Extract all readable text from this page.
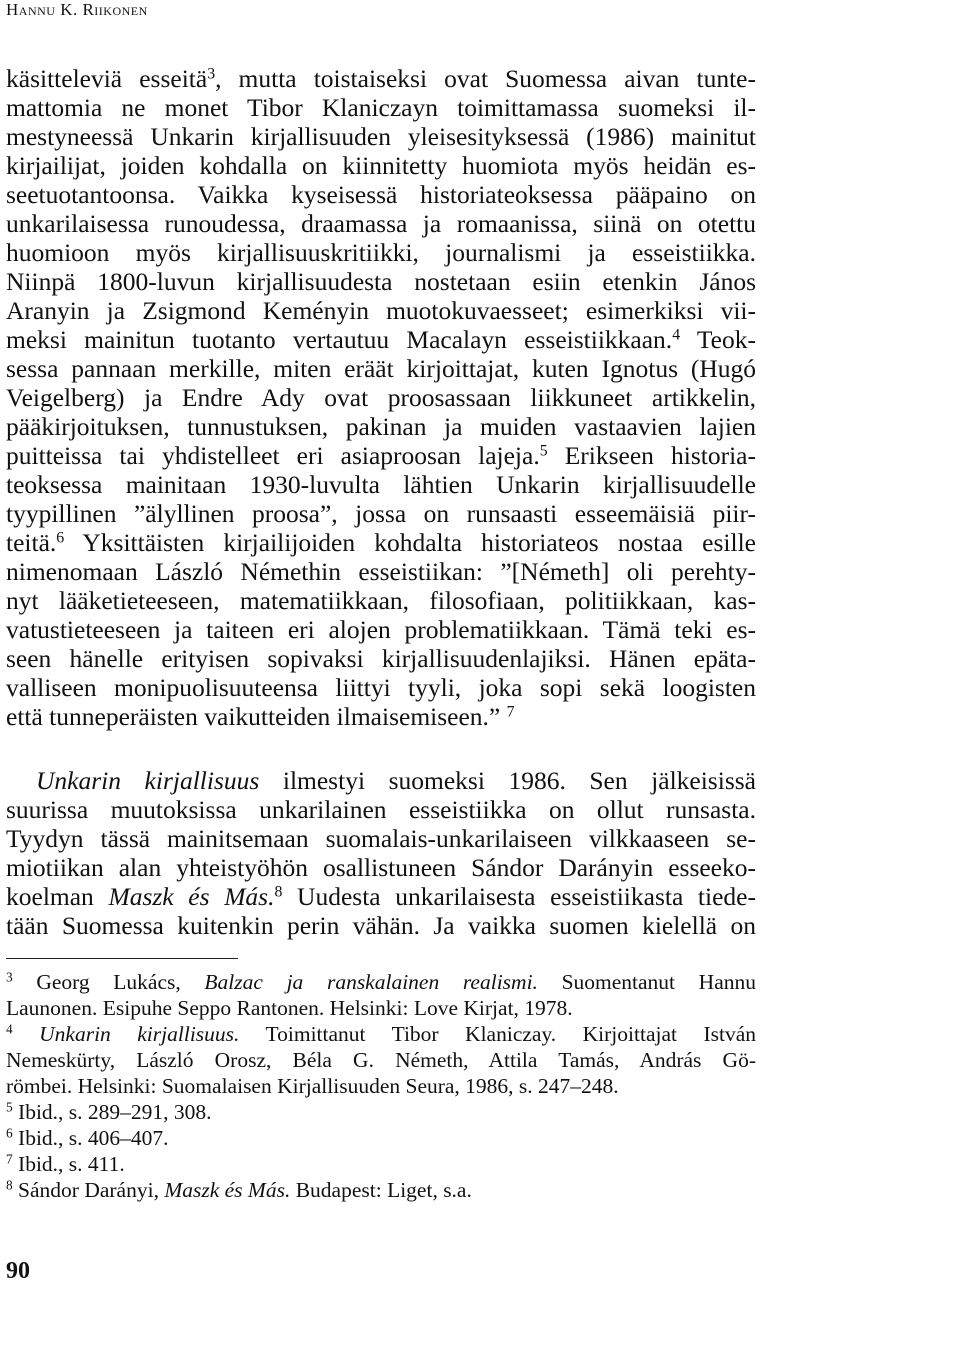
Hannu K. Riikonen
käsitteleviä esseitä$^3$, mutta toistaiseksi ovat Suomessa aivan tunte-
mattomia ne monet Tibor Klaniczayn toimittamassa suomeksi il-
mestyneessä Unkarin kirjallisuuden yleisesityksessä (1986) mainitut
kirjailijat, joiden kohdalla on kiinnitetty huomiota myös heidän es-
seetuotantoonsa. Vaikka kyseisessä historiateoksessa pääpaino on
unkarilaisessa runoudessa, draamassa ja romaanissa, siinä on otettu
huomioon myös kirjallisuuskritiikki, journalismi ja esseistiikka.
Niinpä 1800-luvun kirjallisuudesta nostetaan esiin etenkin János
Aranyin ja Zsigmond Keményin muotokuvaesseet; esimerkiksi vii-
meksi mainitun tuotanto vertautuu Macalayn esseistiikkaan.$^4$ Teok-
sessa pannaan merkille, miten eräät kirjoittajat, kuten Ignotus (Hugó
Veigelberg) ja Endre Ady ovat proosassaan liikkuneet artikkelin,
pääkirjoituksen, tunnustuksen, pakinan ja muiden vastaavien lajien
puitteissa tai yhdistelleet eri asiaproosan lajeja.$^5$ Erikseen historia-
teoksessa mainitaan 1930-luvulta lähtien Unkarin kirjallisuudelle
tyypillinen ”älyllinen proosa”, jossa on runsaasti esseemäisiä piir-
teitä.$^6$ Yksittäisten kirjailijoiden kohdalta historiateos nostaa esille
nimenomaan László Némethin esseistiikan: ”[Németh] oli perehty-
nyt lääketieteeseen, matematiikkaan, filosofiaan, politiikkaan, kas-
vatustieteeseen ja taiteen eri alojen problematiikkaan. Tämä teki es-
seen hänelle erityisen sopivaksi kirjallisuudenlajiksi. Hänen epäta-
valliseen monipuolisuuteensa liittyi tyyli, joka sopi sekä loogisten
että tunneperäisten vaikutteiden ilmaisemiseen.” $^7$
Unkarin kirjallisuus ilmestyi suomeksi 1986. Sen jälkeisissä
suurissa muutoksissa unkarilainen esseistiikka on ollut runsasta.
Tyydyn tässä mainitsemaan suomalais-unkarilaiseen vilkkaaseen se-
miotiikan alan yhteistyöhön osallistuneen Sándor Darányin esseeko-
koelman Maszk és Más.$^8$ Uudesta unkarilaisesta esseistiikasta tiede-
tään Suomessa kuitenkin perin vähän. Ja vaikka suomen kielellä on
$^3$ Georg Lukács, Balzac ja ranskalainen realismi. Suomentanut Hannu
Launonen. Esipuhe Seppo Rantonen. Helsinki: Love Kirjat, 1978.
$^4$ Unkarin kirjallisuus. Toimittanut Tibor Klaniczay. Kirjoittajat István
Nemeskürty, László Orosz, Béla G. Németh, Attila Tamás, András Gö-
römbei. Helsinki: Suomalaisen Kirjallisuuden Seura, 1986, s. 247–248.
$^5$ Ibid., s. 289–291, 308.
$^6$ Ibid., s. 406–407.
$^7$ Ibid., s. 411.
$^8$ Sándor Darányi, Maszk és Más. Budapest: Liget, s.a.
90
